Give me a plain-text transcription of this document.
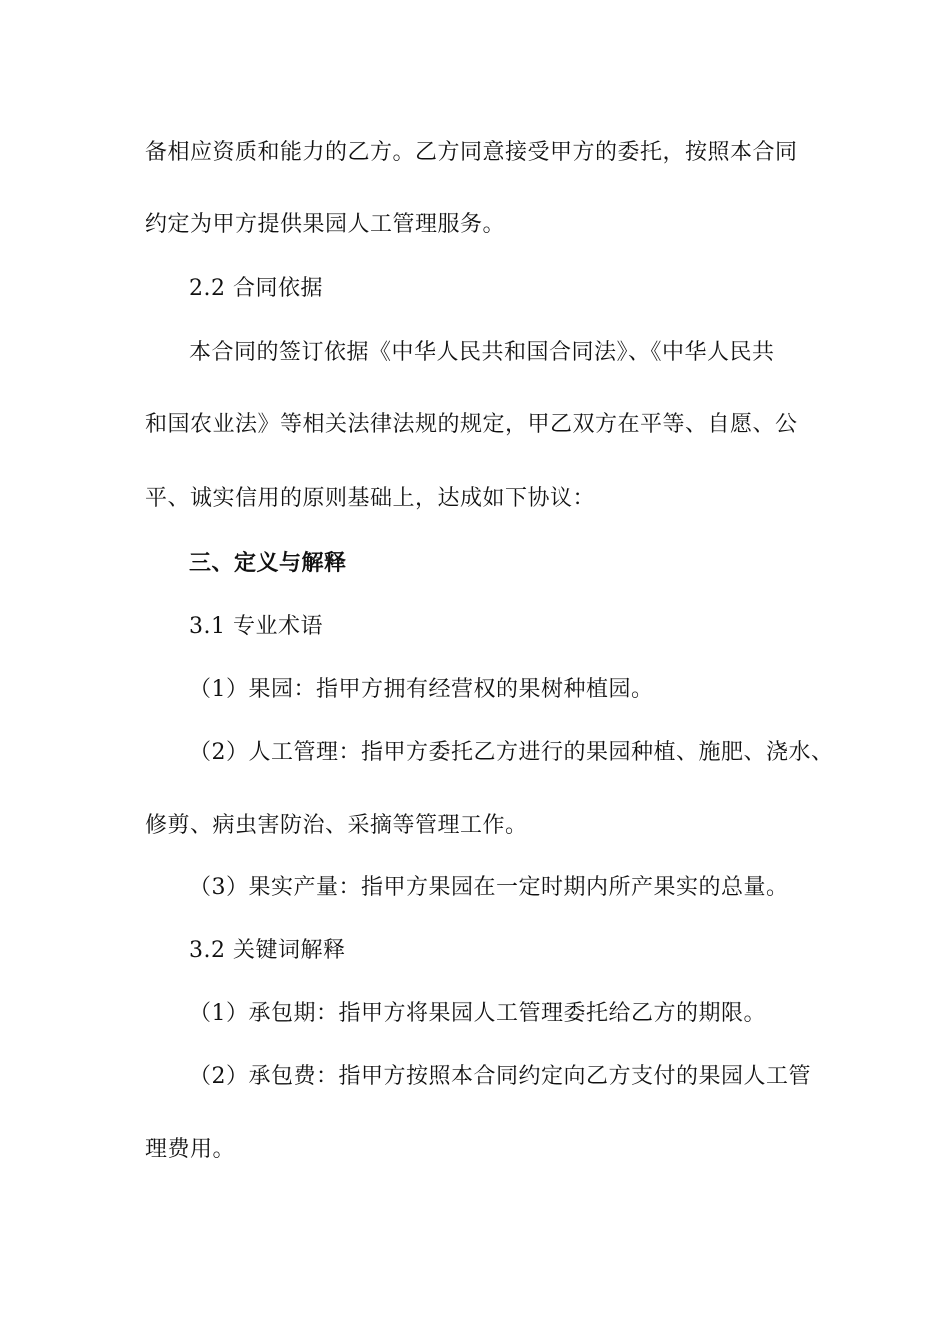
备相应资质和能力的乙方。乙方同意接受甲方的委托，按照本合同
约定为甲方提供果园人工管理服务。
2.2 合同依据
本合同的签订依据《中华人民共和国合同法》、《中华人民共
和国农业法》等相关法律法规的规定，甲乙双方在平等、自愿、公
平、诚实信用的原则基础上，达成如下协议：
三、定义与解释
3.1 专业术语
（1）果园：指甲方拥有经营权的果树种植园。
（2）人工管理：指甲方委托乙方进行的果园种植、施肥、浇水、
修剪、病虫害防治、采摘等管理工作。
（3）果实产量：指甲方果园在一定时期内所产果实的总量。
3.2 关键词解释
（1）承包期：指甲方将果园人工管理委托给乙方的期限。
（2）承包费：指甲方按照本合同约定向乙方支付的果园人工管
理费用。
